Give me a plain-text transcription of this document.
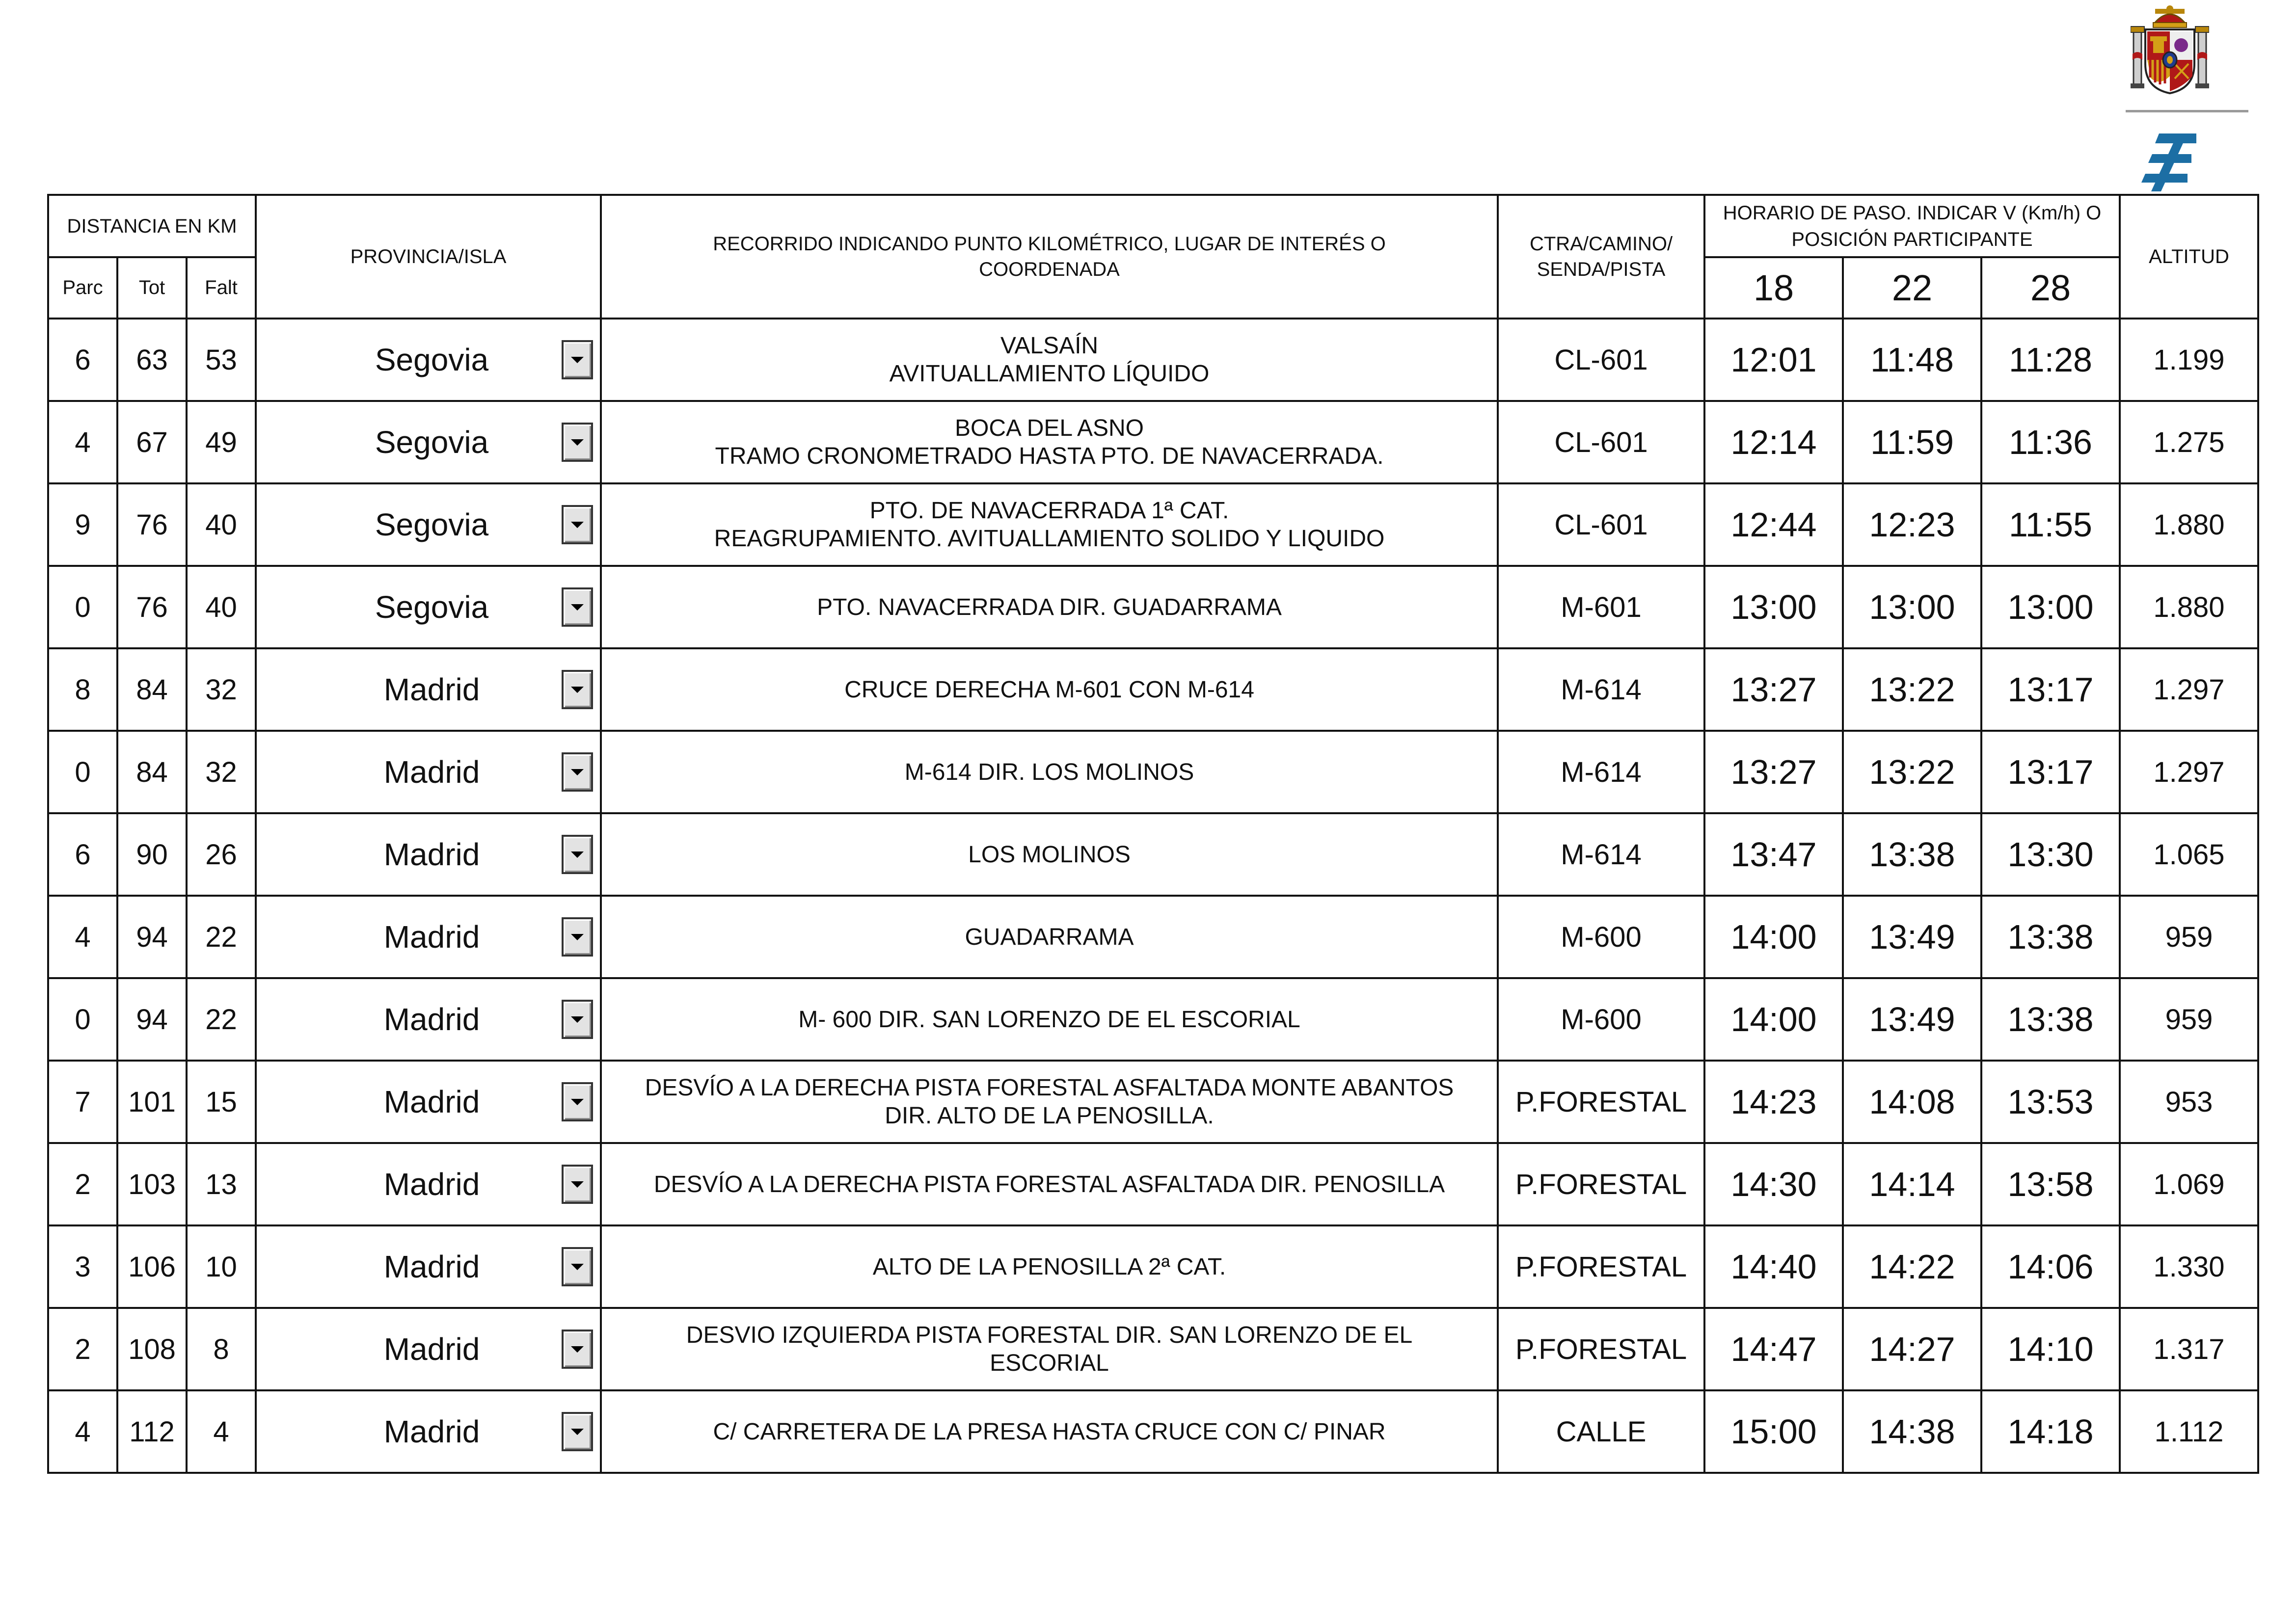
DISTANCIA EN KM			PROVINCIA/ISLA	RECORRIDO INDICANDO PUNTO KILOMÉTRICO, LUGAR DE INTERÉS O COORDENADA	CTRA/CAMINO/ SENDA/PISTA	HORARIO DE PASO. INDICAR V (Km/h) O POSICIÓN PARTICIPANTE			ALTITUD
Parc	Tot	Falt				18	22	28	
6	63	53	Segovia	VALSAÍN
AVITUALLAMIENTO LÍQUIDO	CL-601	12:01	11:48	11:28	1.199
4	67	49	Segovia	BOCA DEL ASNO
TRAMO CRONOMETRADO HASTA PTO. DE NAVACERRADA.	CL-601	12:14	11:59	11:36	1.275
9	76	40	Segovia	PTO. DE NAVACERRADA 1ª CAT.
REAGRUPAMIENTO. AVITUALLAMIENTO SOLIDO Y LIQUIDO	CL-601	12:44	12:23	11:55	1.880
0	76	40	Segovia	PTO. NAVACERRADA DIR. GUADARRAMA	M-601	13:00	13:00	13:00	1.880
8	84	32	Madrid	CRUCE DERECHA M-601 CON M-614	M-614	13:27	13:22	13:17	1.297
0	84	32	Madrid	M-614 DIR. LOS MOLINOS	M-614	13:27	13:22	13:17	1.297
6	90	26	Madrid	LOS MOLINOS	M-614	13:47	13:38	13:30	1.065
4	94	22	Madrid	GUADARRAMA	M-600	14:00	13:49	13:38	959
0	94	22	Madrid	M- 600 DIR. SAN LORENZO DE EL ESCORIAL	M-600	14:00	13:49	13:38	959
7	101	15	Madrid	DESVÍO A LA DERECHA PISTA FORESTAL ASFALTADA MONTE ABANTOS
DIR. ALTO DE LA PENOSILLA.	P.FORESTAL	14:23	14:08	13:53	953
2	103	13	Madrid	DESVÍO A LA DERECHA PISTA FORESTAL ASFALTADA DIR. PENOSILLA	P.FORESTAL	14:30	14:14	13:58	1.069
3	106	10	Madrid	ALTO DE LA PENOSILLA 2ª CAT.	P.FORESTAL	14:40	14:22	14:06	1.330
2	108	8	Madrid	DESVIO IZQUIERDA PISTA FORESTAL DIR. SAN LORENZO DE EL
ESCORIAL	P.FORESTAL	14:47	14:27	14:10	1.317
4	112	4	Madrid	C/ CARRETERA DE LA PRESA HASTA CRUCE CON C/ PINAR	CALLE	15:00	14:38	14:18	1.112
